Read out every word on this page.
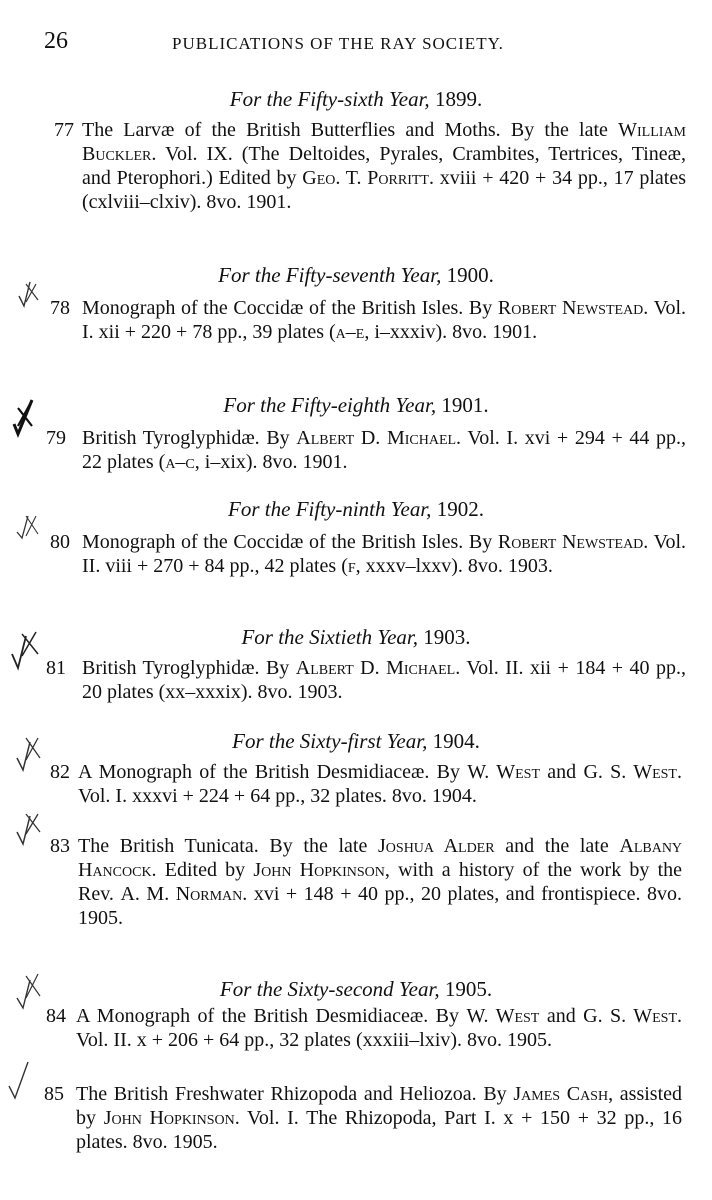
26	PUBLICATIONS OF THE RAY SOCIETY.
For the Fifty-sixth Year, 1899.
77 The Larvæ of the British Butterflies and Moths. By the late William Buckler. Vol. IX. (The Deltoides, Pyrales, Crambites, Tertrices, Tineæ, and Pterophori.) Edited by Geo. T. Porritt. xviii + 420 + 34 pp., 17 plates (cxlviii–clxiv). 8vo. 1901.
For the Fifty-seventh Year, 1900.
78 Monograph of the Coccidæ of the British Isles. By Robert Newstead. Vol. I. xii + 220 + 78 pp., 39 plates (a–e, i–xxxiv). 8vo. 1901.
For the Fifty-eighth Year, 1901.
79 British Tyroglyphidæ. By Albert D. Michael. Vol. I. xvi + 294 + 44 pp., 22 plates (a–c, i–xix). 8vo. 1901.
For the Fifty-ninth Year, 1902.
80 Monograph of the Coccidæ of the British Isles. By Robert Newstead. Vol. II. viii + 270 + 84 pp., 42 plates (f, xxxv–lxxv). 8vo. 1903.
For the Sixtieth Year, 1903.
81 British Tyroglyphidæ. By Albert D. Michael. Vol. II. xii + 184 + 40 pp., 20 plates (xx–xxxix). 8vo. 1903.
For the Sixty-first Year, 1904.
82 A Monograph of the British Desmidiaceæ. By W. West and G. S. West. Vol. I. xxxvi + 224 + 64 pp., 32 plates. 8vo. 1904.
83 The British Tunicata. By the late Joshua Alder and the late Albany Hancock. Edited by John Hopkinson, with a history of the work by the Rev. A. M. Norman. xvi + 148 + 40 pp., 20 plates, and frontispiece. 8vo. 1905.
For the Sixty-second Year, 1905.
84 A Monograph of the British Desmidiaceæ. By W. West and G. S. West. Vol. II. x + 206 + 64 pp., 32 plates (xxxiii–lxiv). 8vo. 1905.
85 The British Freshwater Rhizopoda and Heliozoa. By James Cash, assisted by John Hopkinson. Vol. I. The Rhizopoda, Part I. x + 150 + 32 pp., 16 plates. 8vo. 1905.
